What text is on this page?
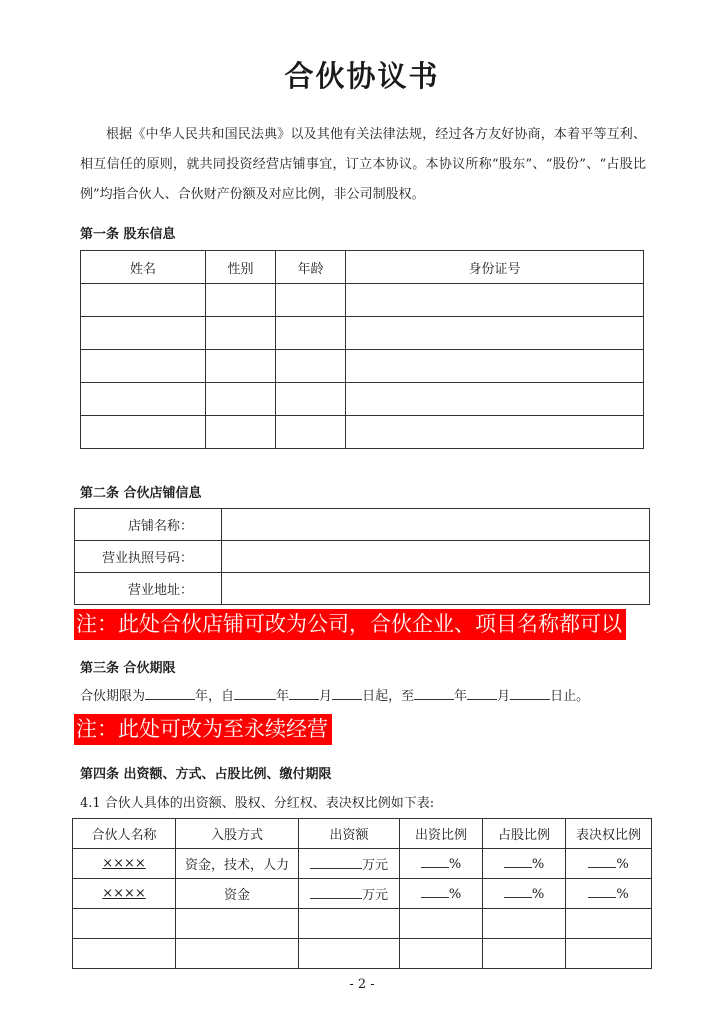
合伙协议书
根据《中华人民共和国民法典》以及其他有关法律法规，经过各方友好协商，本着平等互利、相互信任的原则，就共同投资经营店铺事宜，订立本协议。本协议所称“股东”、“股份”、“占股比例”均指合伙人、合伙财产份额及对应比例，非公司制股权。
第一条 股东信息
姓名	性别	年龄	身份证号

第二条 合伙店铺信息
店铺名称：	
营业执照号码：	
营业地址：	
注：此处合伙店铺可改为公司，合伙企业、项目名称都可以
第三条 合伙期限
合伙期限为	年，自	年 月 日起，至	年 月	日止。
注：此处可改为至永续经营
第四条 出资额、方式、占股比例、缴付期限
4.1 合伙人具体的出资额、股权、分红权、表决权比例如下表:
合伙人名称	入股方式	出资额	出资比例	占股比例	表决权比例
××××	资金，技术，人力	万元	%	%	%
××××	资金	万元	%	%	%

- 2 -
